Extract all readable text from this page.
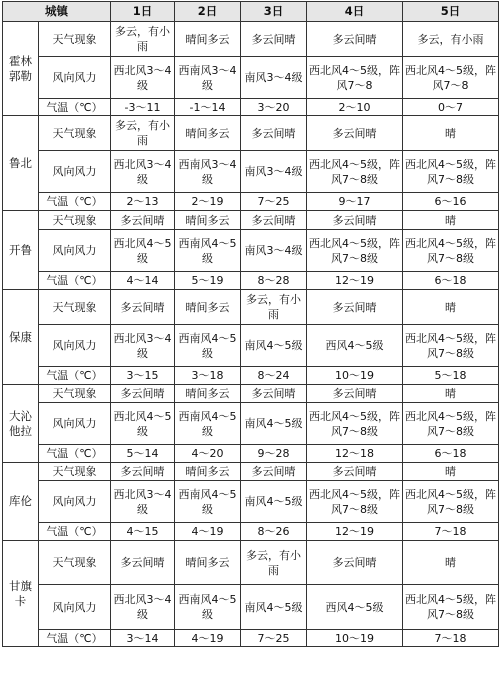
城镇		1日	2日	3日	4日	5日
霍林郭勒	天气现象	多云，有小雨	晴间多云	多云间晴	多云间晴	多云，有小雨
	风向风力	西北风3～4级	西南风3～4级	南风3～4级	西北风4～5级，阵风7～8	西北风4～5级，阵风7～8
	气温（℃）	-3～11	-1～14	3～20	2～10	0～7
鲁北	天气现象	多云，有小雨	晴间多云	多云间晴	多云间晴	晴
	风向风力	西北风3～4级	西南风3～4级	南风3～4级	西北风4～5级，阵风7～8级	西北风4～5级，阵风7～8级
	气温（℃）	2～13	2～19	7～25	9～17	6～16
开鲁	天气现象	多云间晴	晴间多云	多云间晴	多云间晴	晴
	风向风力	西北风4～5级	西南风4～5级	南风3～4级	西北风4～5级，阵风7～8级	西北风4～5级，阵风7～8级
	气温（℃）	4～14	5～19	8～28	12～19	6～18
保康	天气现象	多云间晴	晴间多云	多云，有小雨	多云间晴	晴
	风向风力	西北风3～4级	西南风4～5级	南风4～5级	西风4～5级	西北风4～5级，阵风7～8级
	气温（℃）	3～15	3～18	8～24	10～19	5～18
大沁他拉	天气现象	多云间晴	晴间多云	多云间晴	多云间晴	晴
	风向风力	西北风4～5级	西南风4～5级	南风4～5级	西北风4～5级，阵风7～8级	西北风4～5级，阵风7～8级
	气温（℃）	5～14	4～20	9～28	12～18	6～18
库伦	天气现象	多云间晴	晴间多云	多云间晴	多云间晴	晴
	风向风力	西北风3～4级	西南风4～5级	南风4～5级	西北风4～5级，阵风7～8级	西北风4～5级，阵风7～8级
	气温（℃）	4～15	4～19	8～26	12～19	7～18
甘旗卡	天气现象	多云间晴	晴间多云	多云，有小雨	多云间晴	晴
	风向风力	西北风3～4级	西南风4～5级	南风4～5级	西风4～5级	西北风4～5级，阵风7～8级
	气温（℃）	3～14	4～19	7～25	10～19	7～18
